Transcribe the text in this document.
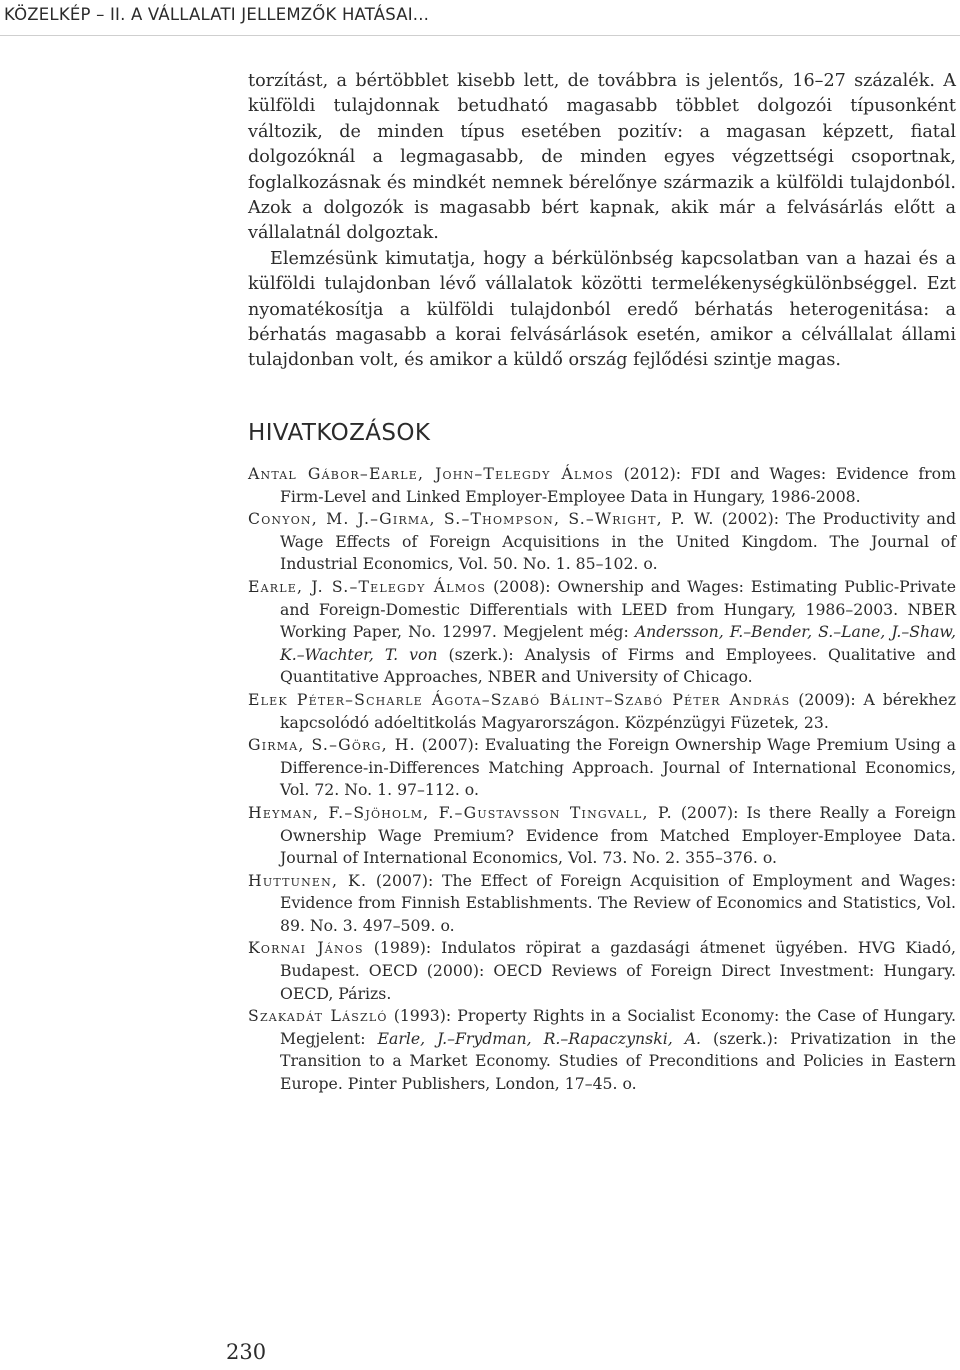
KÖZELKÉP – II. A VÁLLALATI JELLEMZŐK HATÁSAI...

torzítást, a bértöbblet kisebb lett, de továbbra is jelentős, 16–27 százalék. A külföldi tulajdonnak betudható magasabb többlet dolgozói típusonként változik, de minden típus esetében pozitív: a magasan képzett, fiatal dolgozóknál a legmagasabb, de minden egyes végzettségi csoportnak, foglalkozásnak és mindkét nemnek bérelőnye származik a külföldi tulajdonból. Azok a dolgozók is magasabb bért kapnak, akik már a felvásárlás előtt a vállalatnál dolgoztak.

Elemzésünk kimutatja, hogy a bérkülönbség kapcsolatban van a hazai és a külföldi tulajdonban lévő vállalatok közötti termelékenységkülönbséggel. Ezt nyomatékosítja a külföldi tulajdonból eredő bérhatás heterogenitása: a bérhatás magasabb a korai felvásárlások esetén, amikor a célvállalat állami tulajdonban volt, és amikor a küldő ország fejlődési szintje magas.

HIVATKOZÁSOK
Antal Gábor–Earle, John–Telegdy Álmos (2012): FDI and Wages: Evidence from Firm-Level and Linked Employer-Employee Data in Hungary, 1986-2008.
Conyon, M. J.–Girma, S.–Thompson, S.–Wright, P. W. (2002): The Productivity and Wage Effects of Foreign Acquisitions in the United Kingdom. The Journal of Industrial Economics, Vol. 50. No. 1. 85–102. o.
Earle, J. S.–Telegdy Álmos (2008): Ownership and Wages: Estimating Public-Private and Foreign-Domestic Differentials with LEED from Hungary, 1986–2003. NBER Working Paper, No. 12997. Megjelent még: Andersson, F.–Bender, S.–Lane, J.–Shaw, K.–Wachter, T. von (szerk.): Analysis of Firms and Employees. Qualitative and Quantitative Approaches, NBER and University of Chicago.
Elek Péter–Scharle Ágota–Szabó Bálint–Szabó Péter András (2009): A bérekhez kapcsolódó adóeltitkolás Magyarországon. Közpénzügyi Füzetek, 23.
Girma, S.–Görg, H. (2007): Evaluating the Foreign Ownership Wage Premium Using a Difference-in-Differences Matching Approach. Journal of International Economics, Vol. 72. No. 1. 97–112. o.
Heyman, F.–Sjöholm, F.–Gustavsson Tingvall, P. (2007): Is there Really a Foreign Ownership Wage Premium? Evidence from Matched Employer-Employee Data. Journal of International Economics, Vol. 73. No. 2. 355–376. o.
Huttunen, K. (2007): The Effect of Foreign Acquisition of Employment and Wages: Evidence from Finnish Establishments. The Review of Economics and Statistics, Vol. 89. No. 3. 497–509. o.
Kornai János (1989): Indulatos röpirat a gazdasági átmenet ügyében. HVG Kiadó, Budapest. OECD (2000): OECD Reviews of Foreign Direct Investment: Hungary. OECD, Párizs.
Szakadát László (1993): Property Rights in a Socialist Economy: the Case of Hungary. Megjelent: Earle, J.–Frydman, R.–Rapaczynski, A. (szerk.): Privatization in the Transition to a Market Economy. Studies of Preconditions and Policies in Eastern Europe. Pinter Publishers, London, 17–45. o.
230
